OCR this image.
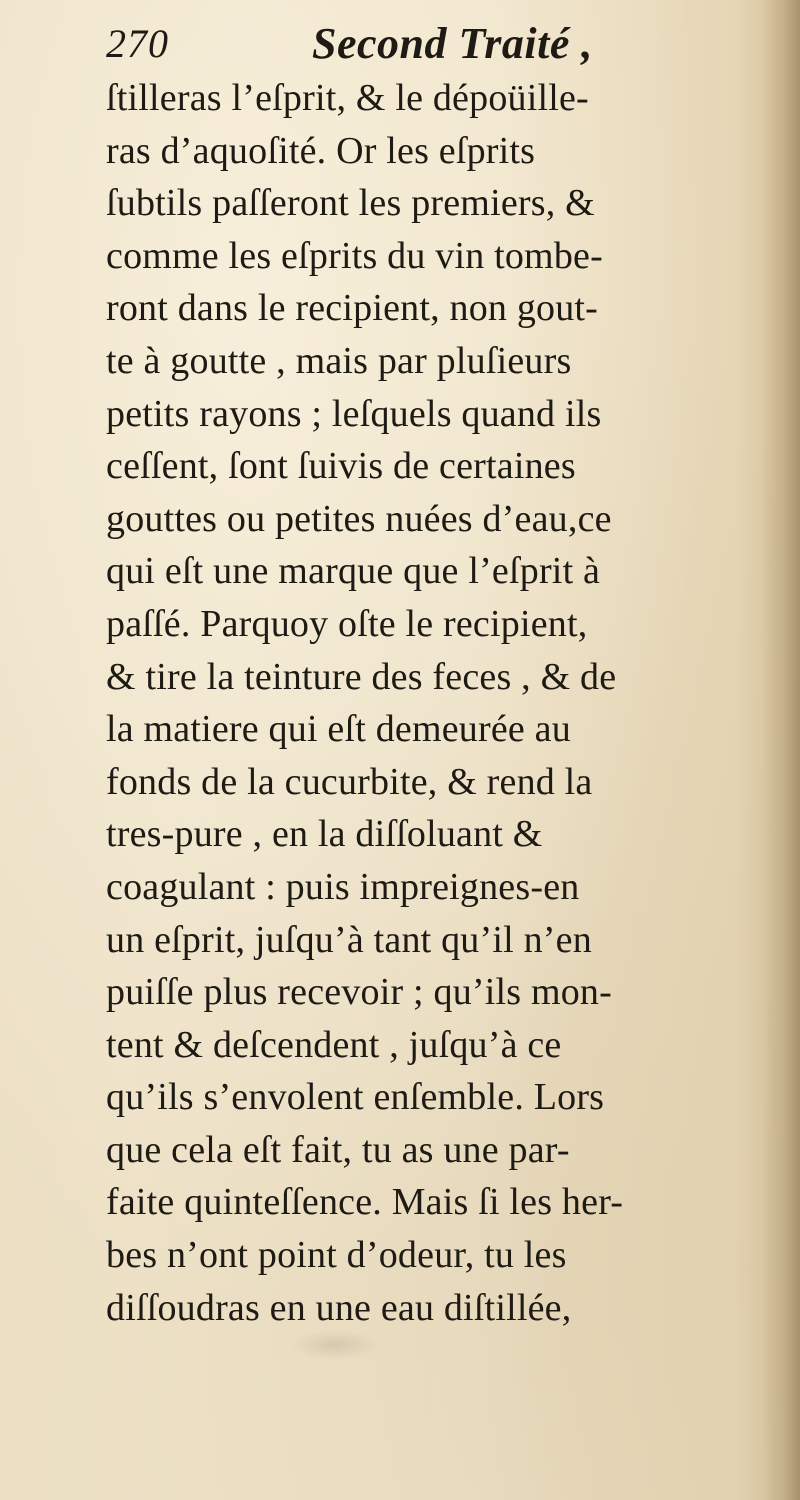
270	Second Traité ,
ſtilleras l’eſprit, & le dépoüille-
ras d’aquoſité. Or les eſprits
ſubtils paſſeront les premiers, &
comme les eſprits du vin tombe-
ront dans le recipient, non gout-
te à goutte , mais par pluſieurs
petits rayons ; leſquels quand ils
ceſſent, ſont ſuivis de certaines
gouttes ou petites nuées d’eau,ce
qui eſt une marque que l’eſprit à
paſſé. Parquoy oſte le recipient,
& tire la teinture des feces , & de
la matiere qui eſt demeurée au
fonds de la cucurbite, & rend la
tres-pure , en la diſſoluant &
coagulant : puis impreignes-en
un eſprit, juſqu’à tant qu’il n’en
puiſſe plus recevoir ; qu’ils mon-
tent & deſcendent , juſqu’à ce
qu’ils s’envolent enſemble. Lors
que cela eſt fait, tu as une par-
faite quinteſſence. Mais ſi les her-
bes n’ont point d’odeur, tu les
diſſoudras en une eau diſtillée,
